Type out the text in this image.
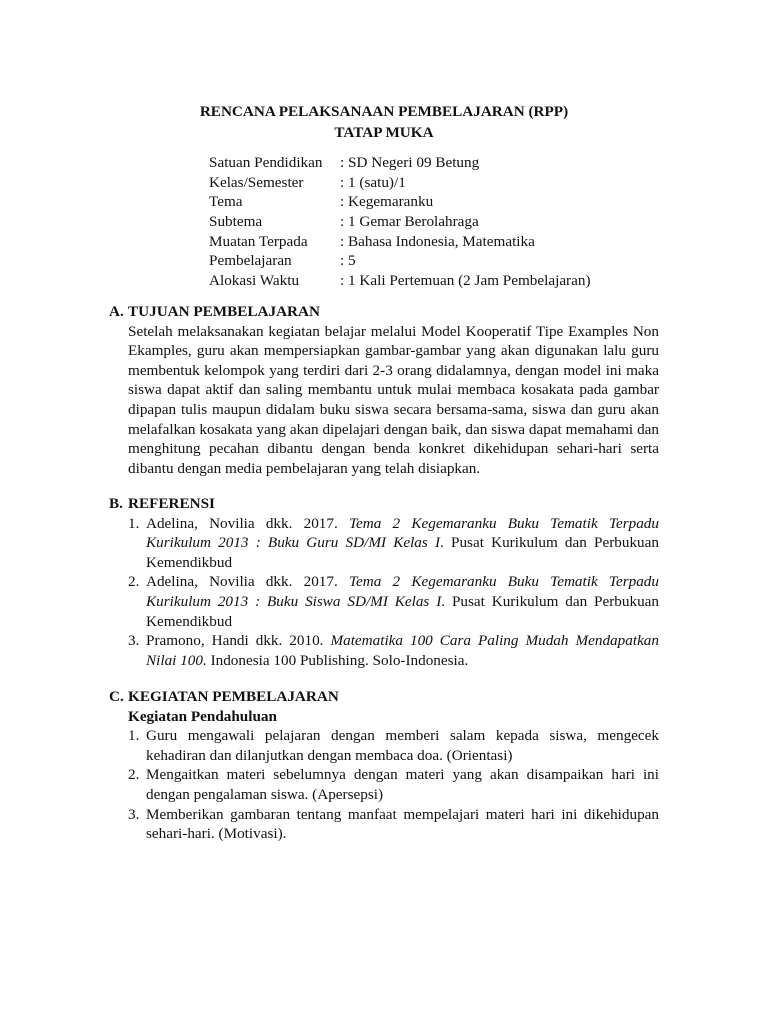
RENCANA PELAKSANAAN PEMBELAJARAN (RPP)
TATAP MUKA
Satuan Pendidikan	: SD Negeri 09 Betung
Kelas/Semester	: 1 (satu)/1
Tema	: Kegemaranku
Subtema	: 1 Gemar Berolahraga
Muatan Terpada	: Bahasa Indonesia, Matematika
Pembelajaran	: 5
Alokasi Waktu	: 1 Kali Pertemuan (2 Jam Pembelajaran)
A. TUJUAN PEMBELAJARAN
Setelah melaksanakan kegiatan belajar melalui Model Kooperatif Tipe Examples Non Ekamples, guru akan mempersiapkan gambar-gambar yang akan digunakan lalu guru membentuk kelompok yang terdiri dari 2-3 orang didalamnya, dengan model ini maka siswa dapat aktif dan saling membantu untuk mulai membaca kosakata pada gambar dipapan tulis maupun didalam buku siswa secara bersama-sama, siswa dan guru akan melafalkan kosakata yang akan dipelajari dengan baik, dan siswa dapat memahami dan menghitung pecahan dibantu dengan benda konkret dikehidupan sehari-hari serta dibantu dengan media pembelajaran yang telah disiapkan.
B. REFERENSI
1. Adelina, Novilia dkk. 2017. Tema 2 Kegemaranku Buku Tematik Terpadu Kurikulum 2013 : Buku Guru SD/MI Kelas I. Pusat Kurikulum dan Perbukuan Kemendikbud
2. Adelina, Novilia dkk. 2017. Tema 2 Kegemaranku Buku Tematik Terpadu Kurikulum 2013 : Buku Siswa SD/MI Kelas I. Pusat Kurikulum dan Perbukuan Kemendikbud
3. Pramono, Handi dkk. 2010. Matematika 100 Cara Paling Mudah Mendapatkan Nilai 100. Indonesia 100 Publishing. Solo-Indonesia.
C. KEGIATAN PEMBELAJARAN
Kegiatan Pendahuluan
1. Guru mengawali pelajaran dengan memberi salam kepada siswa, mengecek kehadiran dan dilanjutkan dengan membaca doa. (Orientasi)
2. Mengaitkan materi sebelumnya dengan materi yang akan disampaikan hari ini dengan pengalaman siswa. (Apersepsi)
3. Memberikan gambaran tentang manfaat mempelajari materi hari ini dikehidupan sehari-hari. (Motivasi).
